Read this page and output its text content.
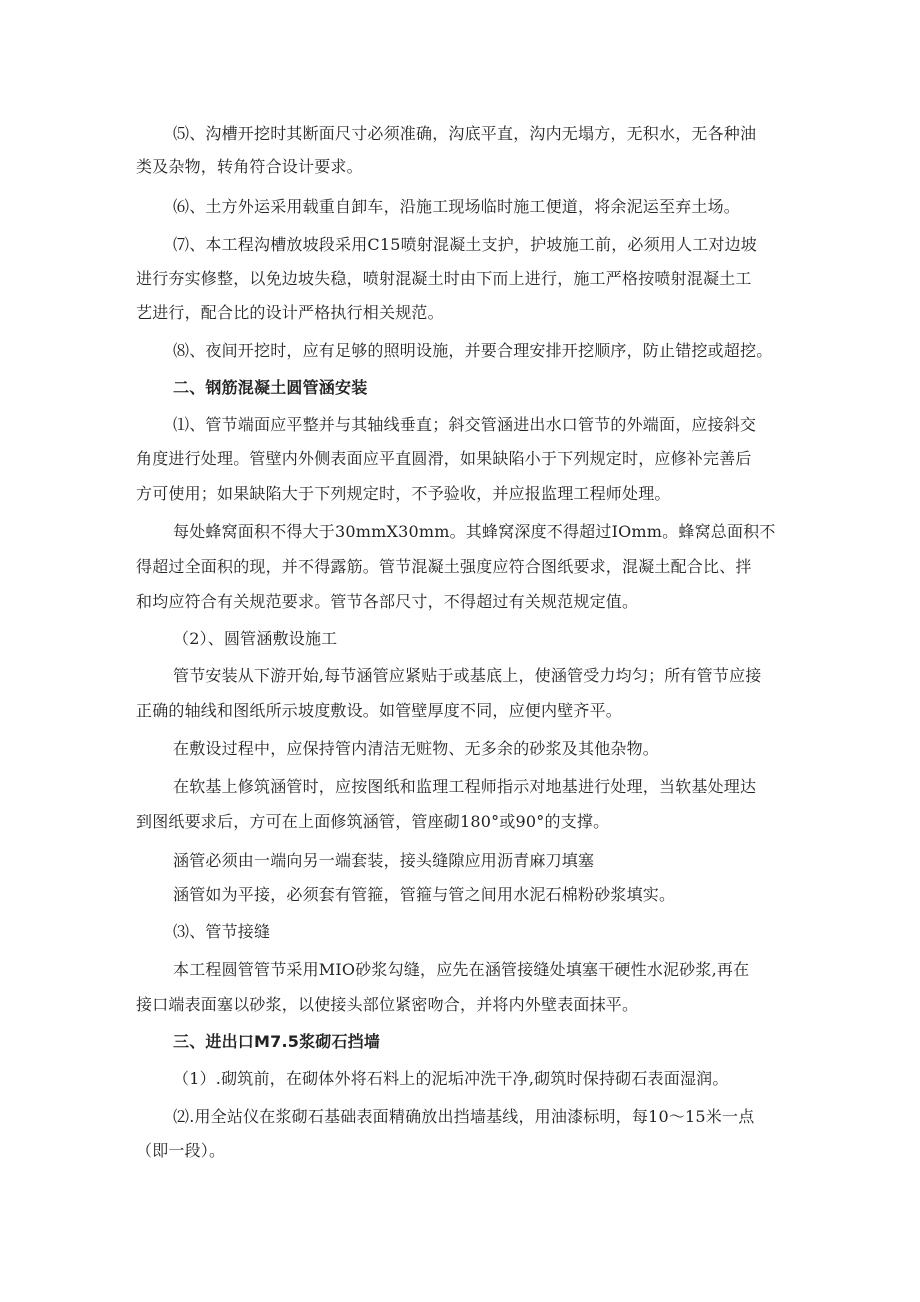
⑸、沟槽开挖时其断面尺寸必须准确，沟底平直，沟内无塌方，无积水，无各种油
类及杂物，转角符合设计要求。
⑹、土方外运采用载重自卸车，沿施工现场临时施工便道，将余泥运至弃土场。
⑺、本工程沟槽放坡段采用C15喷射混凝土支护，护坡施工前，必须用人工对边坡
进行夯实修整，以免边坡失稳，喷射混凝土时由下而上进行，施工严格按喷射混凝土工
艺进行，配合比的设计严格执行相关规范。
⑻、夜间开挖时，应有足够的照明设施，并要合理安排开挖顺序，防止错挖或超挖。
二、钢筋混凝土圆管涵安装
⑴、管节端面应平整并与其轴线垂直；斜交管涵进出水口管节的外端面，应接斜交
角度进行处理。管壁内外侧表面应平直圆滑，如果缺陷小于下列规定时，应修补完善后
方可使用；如果缺陷大于下列规定时，不予验收，并应报监理工程师处理。
每处蜂窝面积不得大于30mmX30mm。其蜂窝深度不得超过IOmm。蜂窝总面积不
得超过全面积的现，并不得露筋。管节混凝土强度应符合图纸要求，混凝土配合比、拌
和均应符合有关规范要求。管节各部尺寸，不得超过有关规范规定值。
（2）、圆管涵敷设施工
管节安装从下游开始,每节涵管应紧贴于或基底上，使涵管受力均匀；所有管节应接
正确的轴线和图纸所示坡度敷设。如管壁厚度不同，应便内壁齐平。
在敷设过程中，应保持管内清洁无赃物、无多余的砂浆及其他杂物。
在软基上修筑涵管时，应按图纸和监理工程师指示对地基进行处理，当软基处理达
到图纸要求后，方可在上面修筑涵管，管座砌180°或90°的支撑。
涵管必须由一端向另一端套装，接头缝隙应用沥青麻刀填塞
涵管如为平接，必须套有管箍，管箍与管之间用水泥石棉粉砂浆填实。
⑶、管节接缝
本工程圆管管节采用MIO砂浆勾缝，应先在涵管接缝处填塞干硬性水泥砂浆,再在
接口端表面塞以砂浆，以使接头部位紧密吻合，并将内外壁表面抹平。
三、进出口M7.5浆砌石挡墙
（1）.砌筑前，在砌体外将石料上的泥垢冲洗干净,砌筑时保持砌石表面湿润。
⑵.用全站仪在浆砌石基础表面精确放出挡墙基线，用油漆标明，每10〜15米一点
（即一段）。
